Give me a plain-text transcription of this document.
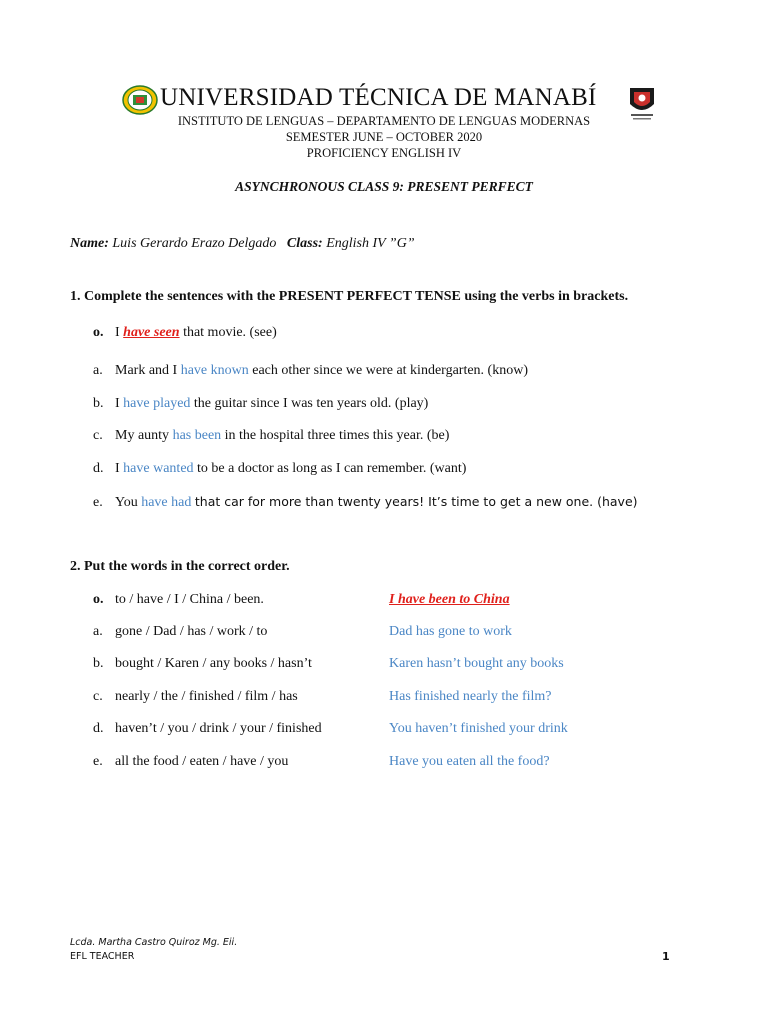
UNIVERSIDAD TÉCNICA DE MANABÍ
INSTITUTO DE LENGUAS – DEPARTAMENTO DE LENGUAS MODERNAS
SEMESTER JUNE – OCTOBER 2020
PROFICIENCY ENGLISH IV
ASYNCHRONOUS CLASS 9: PRESENT PERFECT
Name: Luis Gerardo Erazo Delgado Class: English IV ”G”
1. Complete the sentences with the PRESENT PERFECT TENSE using the verbs in brackets.
o. I have seen that movie. (see)
a. Mark and I have known each other since we were at kindergarten. (know)
b. I have played the guitar since I was ten years old. (play)
c. My aunty has been in the hospital three times this year. (be)
d. I have wanted to be a doctor as long as I can remember. (want)
e. You have had that car for more than twenty years! It’s time to get a new one. (have)
2. Put the words in the correct order.
o. to / have / I / China / been.	I have been to China
a. gone / Dad / has / work / to	Dad has gone to work
b. bought / Karen / any books / hasn’t	Karen hasn’t bought any books
c. nearly / the / finished / film / has	Has finished nearly the film?
d. haven’t / you / drink / your / finished	You haven’t finished your drink
e. all the food / eaten / have / you	Have you eaten all the food?
Lcda. Martha Castro Quiroz Mg. Eii.
EFL TEACHER	1
